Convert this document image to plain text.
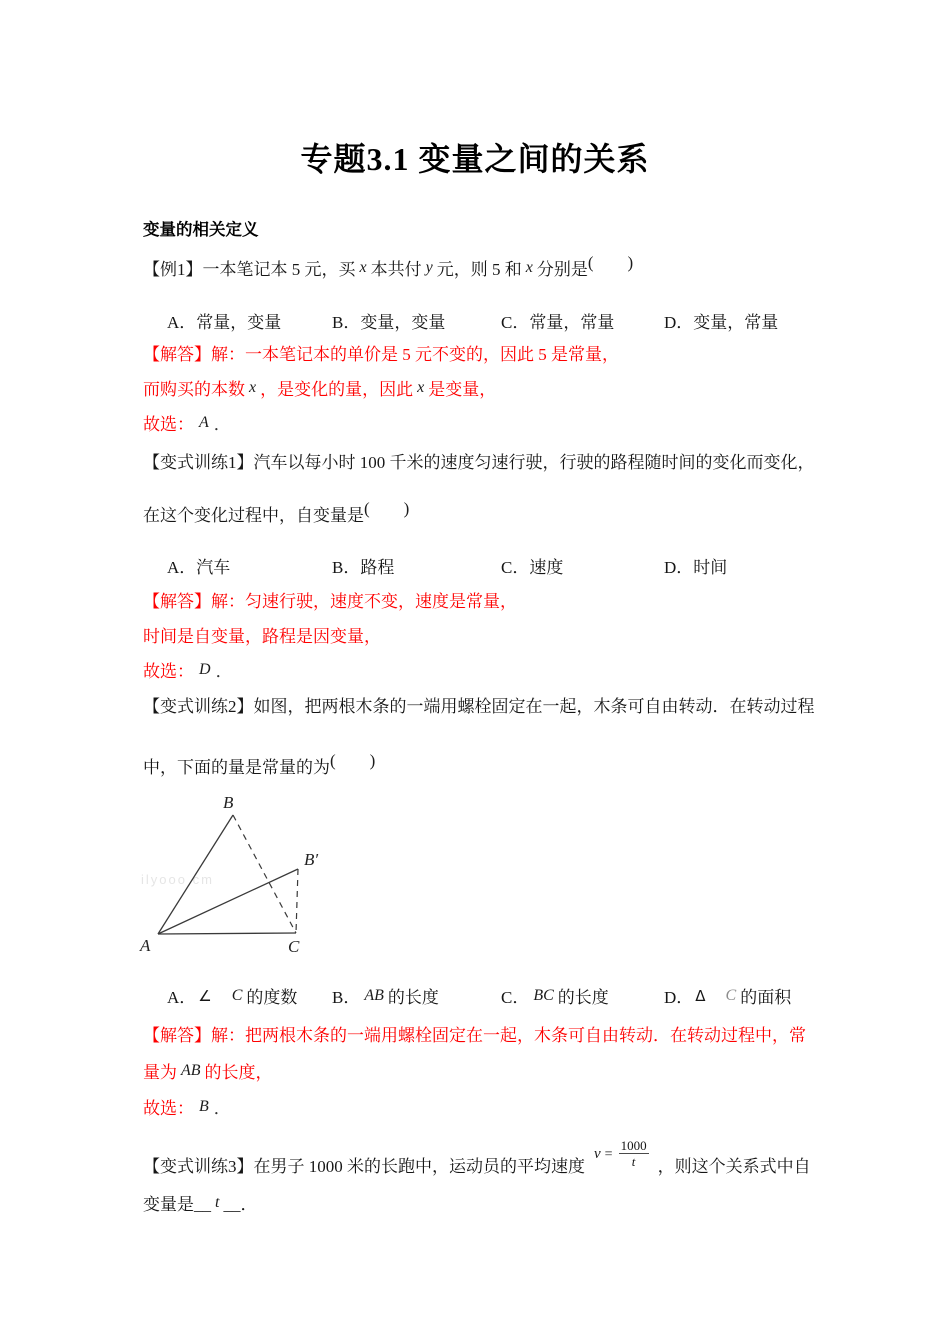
专题3.1 变量之间的关系
变量的相关定义
【例1】一本笔记本 5 元，买 x 本共付 y 元，则 5 和 x 分别是( )
A．常量，变量	B．变量，变量	C．常量，常量	D．变量，常量
【解答】解：一本笔记本的单价是 5 元不变的，因此 5 是常量，
而购买的本数 x ，是变化的量，因此 x 是变量，
故选： A ．
【变式训练1】汽车以每小时 100 千米的速度匀速行驶，行驶的路程随时间的变化而变化，
在这个变化过程中，自变量是( )
A．汽车	B．路程	C．速度	D．时间
【解答】解：匀速行驶，速度不变，速度是常量，
时间是自变量，路程是因变量，
故选： D ．
【变式训练2】如图，把两根木条的一端用螺栓固定在一起，木条可自由转动．在转动过程
中，下面的量是常量的为( )
ilyooo cm
B
B′
A	C
A． ∠ C 的度数 B． AB 的长度	C． BC 的长度	D． Δ C 的面积
【解答】解：把两根木条的一端用螺栓固定在一起，木条可自由转动．在转动过程中，常
量为 AB 的长度，
故选： B ．
【变式训练3】在男子 1000 米的长跑中，运动员的平均速度$v = \frac{1000}{t}$ ，则这个关系式中自
变量是__ t __．
